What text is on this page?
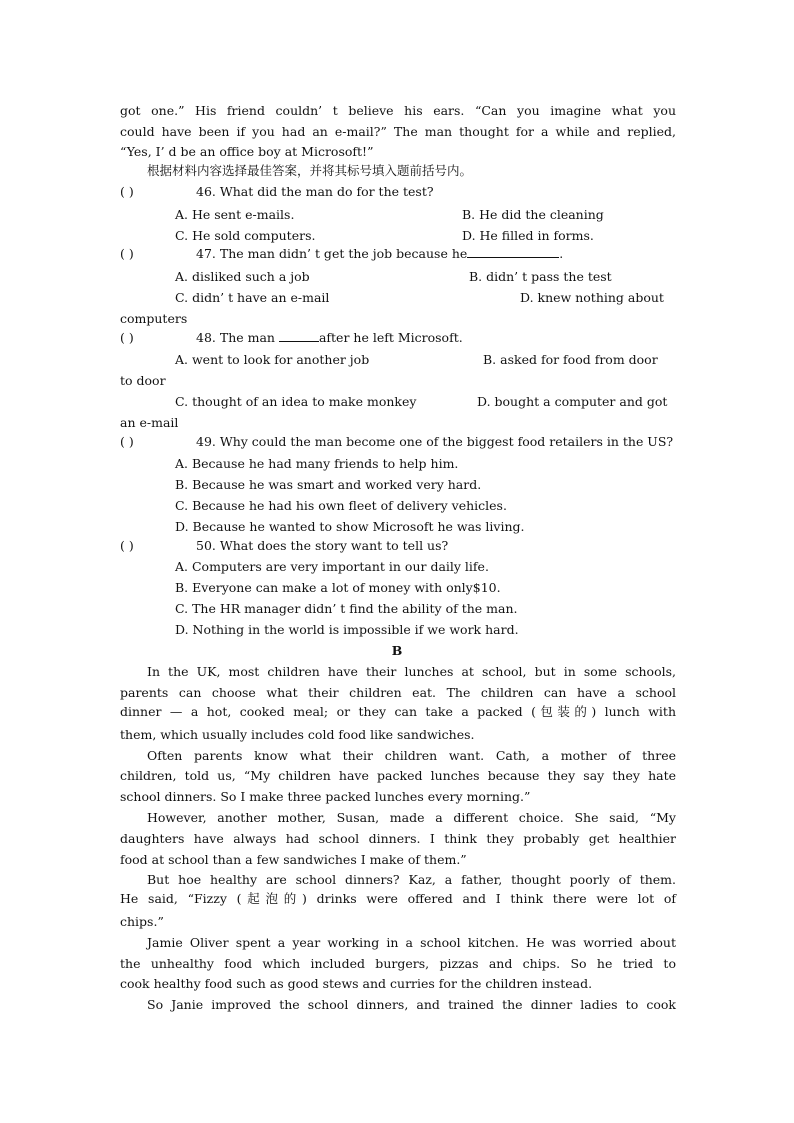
got one.” His friend couldn’ t believe his ears. “Can you imagine what you
could have been if you had an e-mail?” The man thought for a while and replied,
“Yes, I’ d be an office boy at Microsoft!”
根据材料内容选择最佳答案，并将其标号填入题前括号内。
( )	46. What did the man do for the test?
A. He sent e-mails.	B. He did the cleaning
C. He sold computers.	D. He filled in forms.
( )	47. The man didn’ t get the job because he	.
A. disliked such a job	B. didn’ t pass the test
C. didn’ t have an e-mail	D. knew nothing about
computers
( )	48. The man	after he left Microsoft.
A. went to look for another job	B. asked for food from door
to door
C. thought of an idea to make monkey	D. bought a computer and got
an e-mail
( )	49. Why could the man become one of the biggest food retailers in the US?
A. Because he had many friends to help him.
B. Because he was smart and worked very hard.
C. Because he had his own fleet of delivery vehicles.
D. Because he wanted to show Microsoft he was living.
( )	50. What does the story want to tell us?
A. Computers are very important in our daily life.
B. Everyone can make a lot of money with only$10.
C. The HR manager didn’ t find the ability of the man.
D. Nothing in the world is impossible if we work hard.
B
In the UK, most children have their lunches at school, but in some schools,
parents can choose what their children eat. The children can have a school
dinner — a hot, cooked meal; or they can take a packed (包装的) lunch with
them, which usually includes cold food like sandwiches.
Often parents know what their children want. Cath, a mother of three
children, told us, “My children have packed lunches because they say they hate
school dinners. So I make three packed lunches every morning.”
However, another mother, Susan, made a different choice. She said, “My
daughters have always had school dinners. I think they probably get healthier
food at school than a few sandwiches I make of them.”
But hoe healthy are school dinners? Kaz, a father, thought poorly of them.
He said, “Fizzy (起泡的) drinks were offered and I think there were lot of
chips.”
Jamie Oliver spent a year working in a school kitchen. He was worried about
the unhealthy food which included burgers, pizzas and chips. So he tried to
cook healthy food such as good stews and curries for the children instead.
So Janie improved the school dinners, and trained the dinner ladies to cook
